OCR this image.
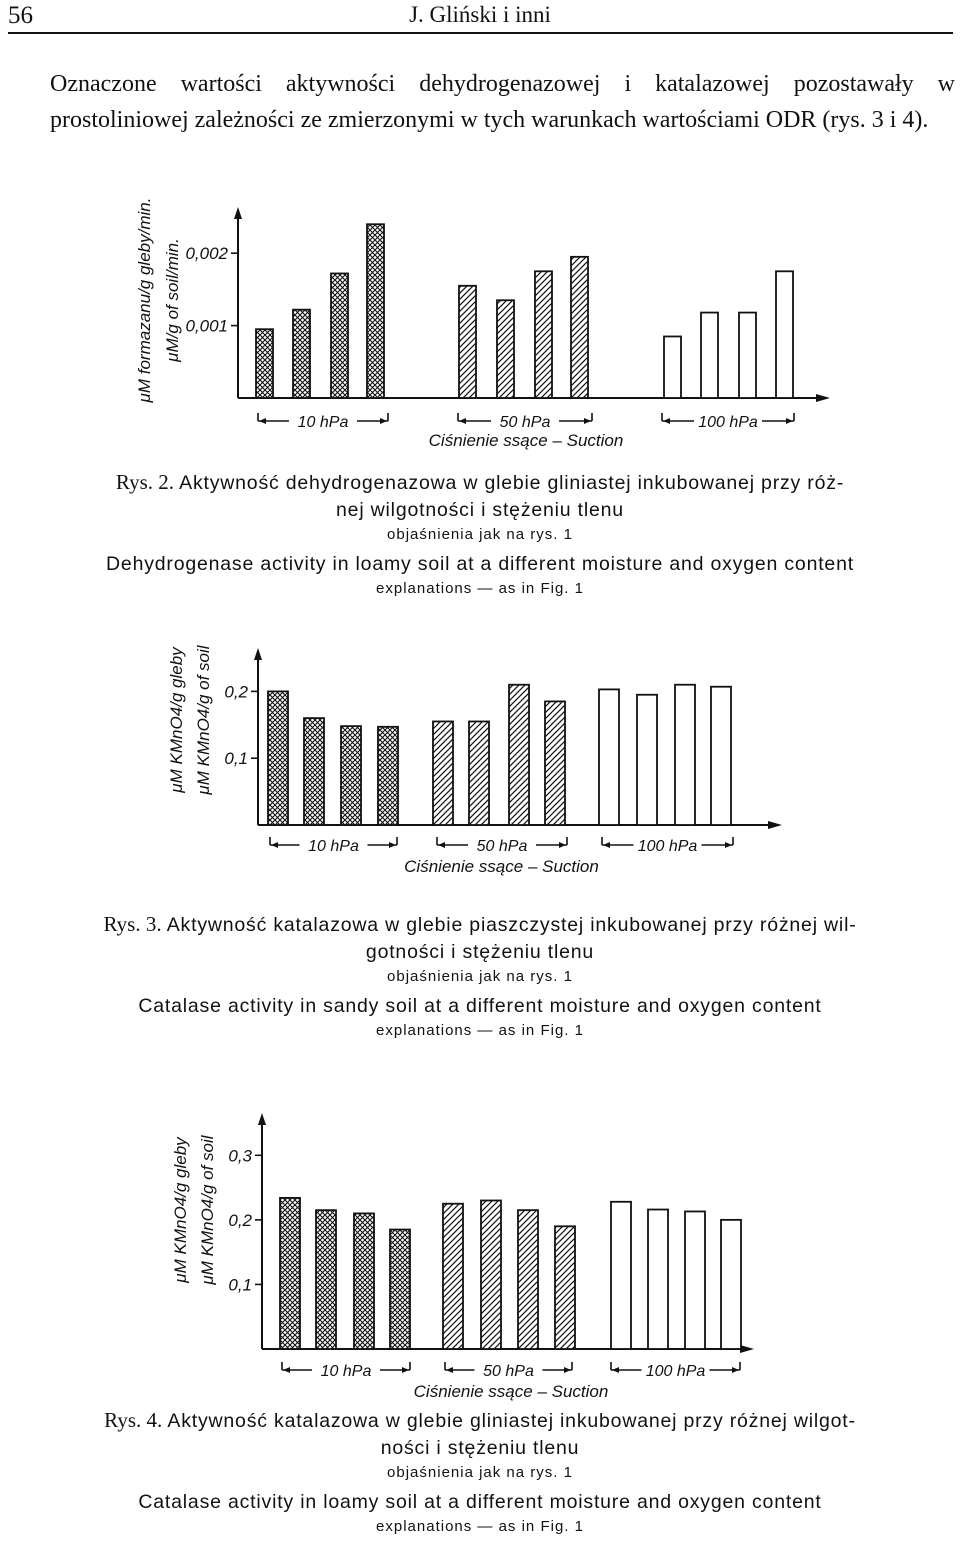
56	J. Gliński i inni

Oznaczone wartości aktywności dehydrogenazowej i katalazowej pozostawały w prostoliniowej zależności ze zmierzonymi w tych warunkach wartościami ODR (rys. 3 i 4).

0,001
0,002
μM formazanu/g gleby/min. μM/g of soil/min.
10 hPa	50 hPa	100 hPa
Ciśnienie ssące – Suction
Rys. 2. Aktywność dehydrogenazowa w glebie gliniastej inkubowanej przy róż-
nej wilgotności i stężeniu tlenu
objaśnienia jak na rys. 1
Dehydrogenase activity in loamy soil at a different moisture and oxygen content
explanations — as in Fig. 1
0,1
0,2
μM KMnO4/g gleby μM KMnO4/g of soil
10 hPa	50 hPa	100 hPa
Ciśnienie ssące – Suction
Rys. 3. Aktywność katalazowa w glebie piaszczystej inkubowanej przy różnej wil-
gotności i stężeniu tlenu
objaśnienia jak na rys. 1
Catalase activity in sandy soil at a different moisture and oxygen content
explanations — as in Fig. 1
0,1
0,2
0,3
μM KMnO4/g gleby μM KMnO4/g of soil
10 hPa	50 hPa	100 hPa
Ciśnienie ssące – Suction
Rys. 4. Aktywność katalazowa w glebie gliniastej inkubowanej przy różnej wilgot-
ności i stężeniu tlenu
objaśnienia jak na rys. 1
Catalase activity in loamy soil at a different moisture and oxygen content
explanations — as in Fig. 1
